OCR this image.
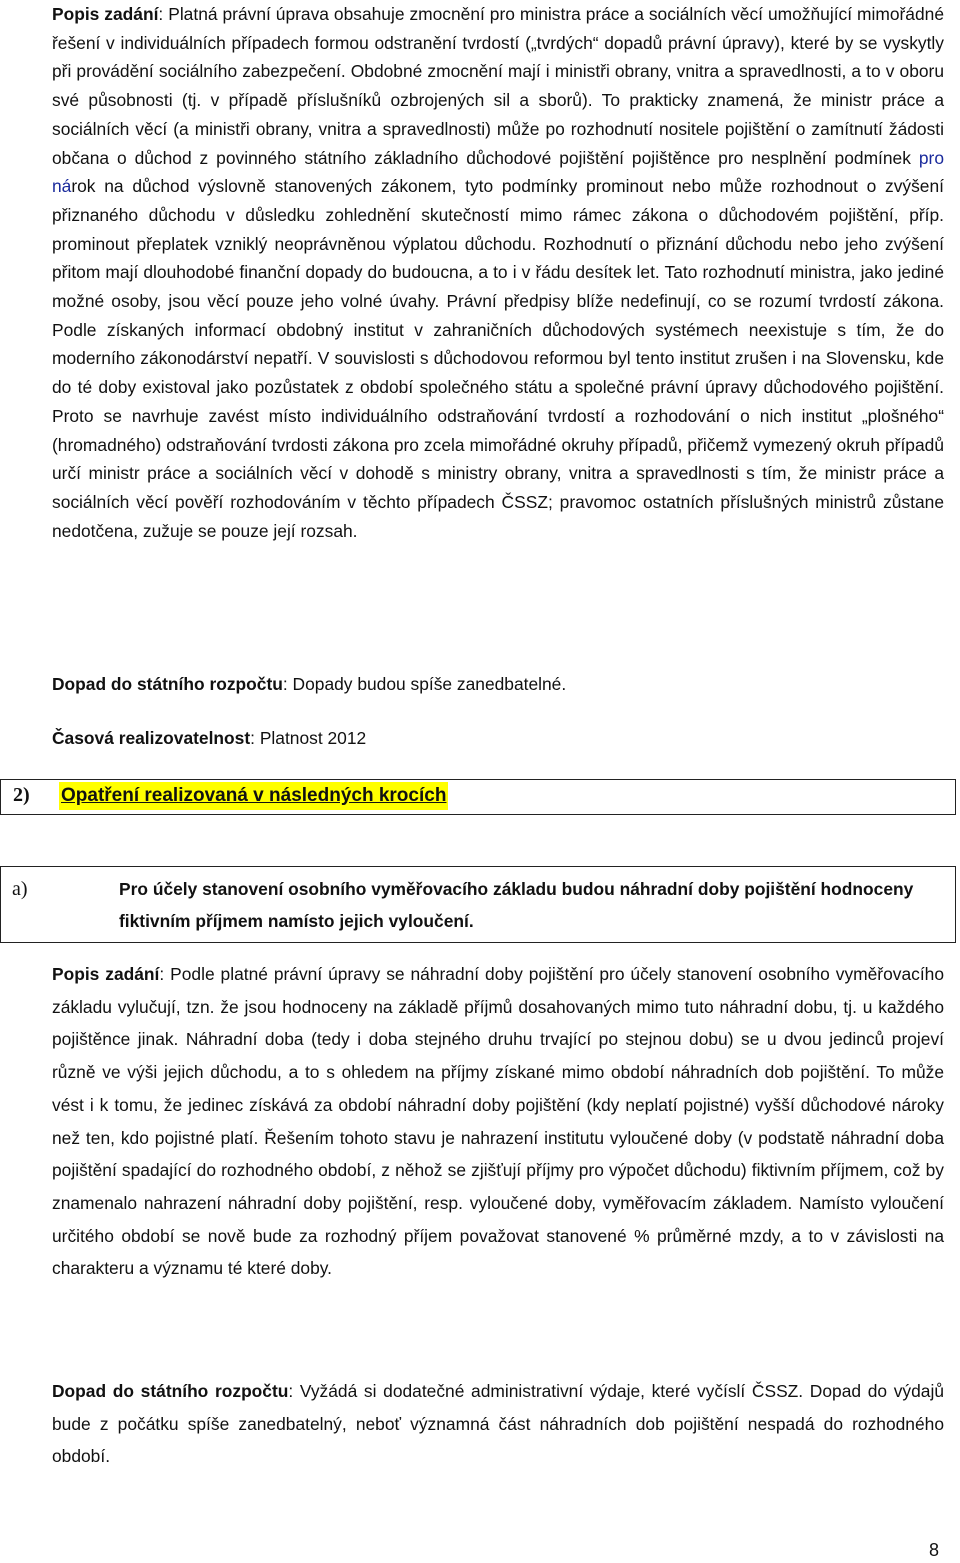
Popis zadání: Platná právní úprava obsahuje zmocnění pro ministra práce a sociálních věcí umožňující mimořádné řešení v individuálních případech formou odstranění tvrdostí („tvrdých“ dopadů právní úpravy), které by se vyskytly při provádění sociálního zabezpečení. Obdobné zmocnění mají i ministři obrany, vnitra a spravedlnosti, a to v oboru své působnosti (tj. v případě příslušníků ozbrojených sil a sborů). To prakticky znamená, že ministr práce a sociálních věcí (a ministři obrany, vnitra a spravedlnosti) může po rozhodnutí nositele pojištění o zamítnutí žádosti občana o důchod z povinného státního základního důchodové pojištění pojištěnce pro nesplnění podmínek pro nárok na důchod výslovně stanovených zákonem, tyto podmínky prominout nebo může rozhodnout o zvýšení přiznaného důchodu v důsledku zohlednění skutečností mimo rámec zákona o důchodovém pojištění, příp. prominout přeplatek vzniklý neoprávněnou výplatou důchodu. Rozhodnutí o přiznání důchodu nebo jeho zvýšení přitom mají dlouhodobé finanční dopady do budoucna, a to i v řádu desítek let. Tato rozhodnutí ministra, jako jediné možné osoby, jsou věcí pouze jeho volné úvahy. Právní předpisy blíže nedefinují, co se rozumí tvrdostí zákona. Podle získaných informací obdobný institut v zahraničních důchodových systémech neexistuje s tím, že do moderního zákonodárství nepatří. V souvislosti s důchodovou reformou byl tento institut zrušen i na Slovensku, kde do té doby existoval jako pozůstatek z období společného státu a společné právní úpravy důchodového pojištění. Proto se navrhuje zavést místo individuálního odstraňování tvrdostí a rozhodování o nich institut „plošného“ (hromadného) odstraňování tvrdosti zákona pro zcela mimořádné okruhy případů, přičemž vymezený okruh případů určí ministr práce a sociálních věcí v dohodě s ministry obrany, vnitra a spravedlnosti s tím, že ministr práce a sociálních věcí pověří rozhodováním v těchto případech ČSSZ; pravomoc ostatních příslušných ministrů zůstane nedotčena, zužuje se pouze její rozsah.

Dopad do státního rozpočtu: Dopady budou spíše zanedbatelné.

Časová realizovatelnost: Platnost 2012

2) Opatření realizovaná v následných krocích
a)	Pro účely stanovení osobního vyměřovacího základu budou náhradní doby pojištění hodnoceny fiktivním příjmem namísto jejich vyloučení.

Popis zadání: Podle platné právní úpravy se náhradní doby pojištění pro účely stanovení osobního vyměřovacího základu vylučují, tzn. že jsou hodnoceny na základě příjmů dosahovaných mimo tuto náhradní dobu, tj. u každého pojištěnce jinak. Náhradní doba (tedy i doba stejného druhu trvající po stejnou dobu) se u dvou jedinců projeví různě ve výši jejich důchodu, a to s ohledem na příjmy získané mimo období náhradních dob pojištění. To může vést i k tomu, že jedinec získává za období náhradní doby pojištění (kdy neplatí pojistné) vyšší důchodové nároky než ten, kdo pojistné platí. Řešením tohoto stavu je nahrazení institutu vyloučené doby (v podstatě náhradní doba pojištění spadající do rozhodného období, z něhož se zjišťují příjmy pro výpočet důchodu) fiktivním příjmem, což by znamenalo nahrazení náhradní doby pojištění, resp. vyloučené doby, vyměřovacím základem. Namísto vyloučení určitého období se nově bude za rozhodný příjem považovat stanovené % průměrné mzdy, a to v závislosti na charakteru a významu té které doby.

Dopad do státního rozpočtu: Vyžádá si dodatečné administrativní výdaje, které vyčíslí ČSSZ. Dopad do výdajů bude z počátku spíše zanedbatelný, neboť významná část náhradních dob pojištění nespadá do rozhodného období.

8
